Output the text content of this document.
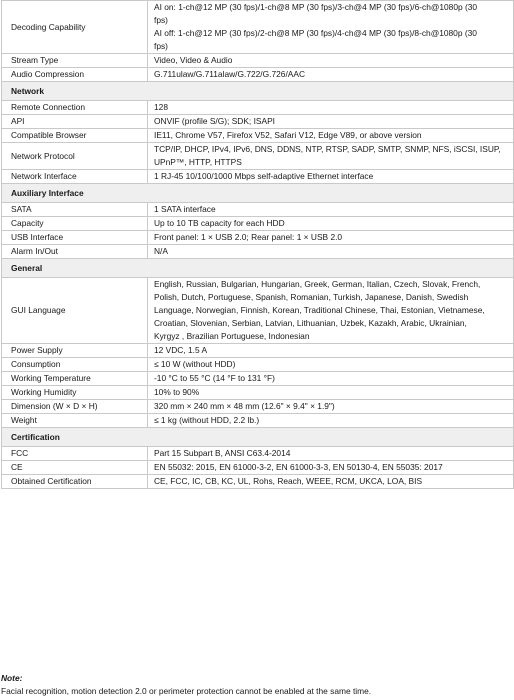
Decoding Capability	AI on: 1-ch@12 MP (30 fps)/1-ch@8 MP (30 fps)/3-ch@4 MP (30 fps)/6-ch@1080p (30
fps)
AI off: 1-ch@12 MP (30 fps)/2-ch@8 MP (30 fps)/4-ch@4 MP (30 fps)/8-ch@1080p (30
fps)

Stream Type	Video, Video & Audio

Audio Compression	G.711ulaw/G.711alaw/G.722/G.726/AAC

Network	
Remote Connection	128

API	ONVIF (profile S/G); SDK; ISAPI

Compatible Browser	IE11, Chrome V57, Firefox V52, Safari V12, Edge V89, or above version

Network Protocol	TCP/IP, DHCP, IPv4, IPv6, DNS, DDNS, NTP, RTSP, SADP, SMTP, SNMP, NFS, iSCSI, ISUP,
UPnP™, HTTP, HTTPS

Network Interface	1 RJ-45 10/100/1000 Mbps self-adaptive Ethernet interface

Auxiliary Interface	
SATA	1 SATA interface

Capacity	Up to 10 TB capacity for each HDD

USB Interface	Front panel: 1 × USB 2.0; Rear panel: 1 × USB 2.0

Alarm In/Out	N/A

General	
GUI Language	English, Russian, Bulgarian, Hungarian, Greek, German, Italian, Czech, Slovak, French,
Polish, Dutch, Portuguese, Spanish, Romanian, Turkish, Japanese, Danish, Swedish
Language, Norwegian, Finnish, Korean, Traditional Chinese, Thai, Estonian, Vietnamese,
Croatian, Slovenian, Serbian, Latvian, Lithuanian, Uzbek, Kazakh, Arabic, Ukrainian,
Kyrgyz , Brazilian Portuguese, Indonesian

Power Supply	12 VDC, 1.5 A

Consumption	≤ 10 W (without HDD)

Working Temperature	-10 °C to 55 °C (14 °F to 131 °F)

Working Humidity	10% to 90%

Dimension (W × D × H)	320 mm × 240 mm × 48 mm (12.6" × 9.4" × 1.9")

Weight	≤ 1 kg (without HDD, 2.2 lb.)

Certification	
FCC	Part 15 Subpart B, ANSI C63.4-2014

CE	EN 55032: 2015, EN 61000-3-2, EN 61000-3-3, EN 50130-4, EN 55035: 2017

Obtained Certification	CE, FCC, IC, CB, KC, UL, Rohs, Reach, WEEE, RCM, UKCA, LOA, BIS
Note:
Facial recognition, motion detection 2.0 or perimeter protection cannot be enabled at the same time.
